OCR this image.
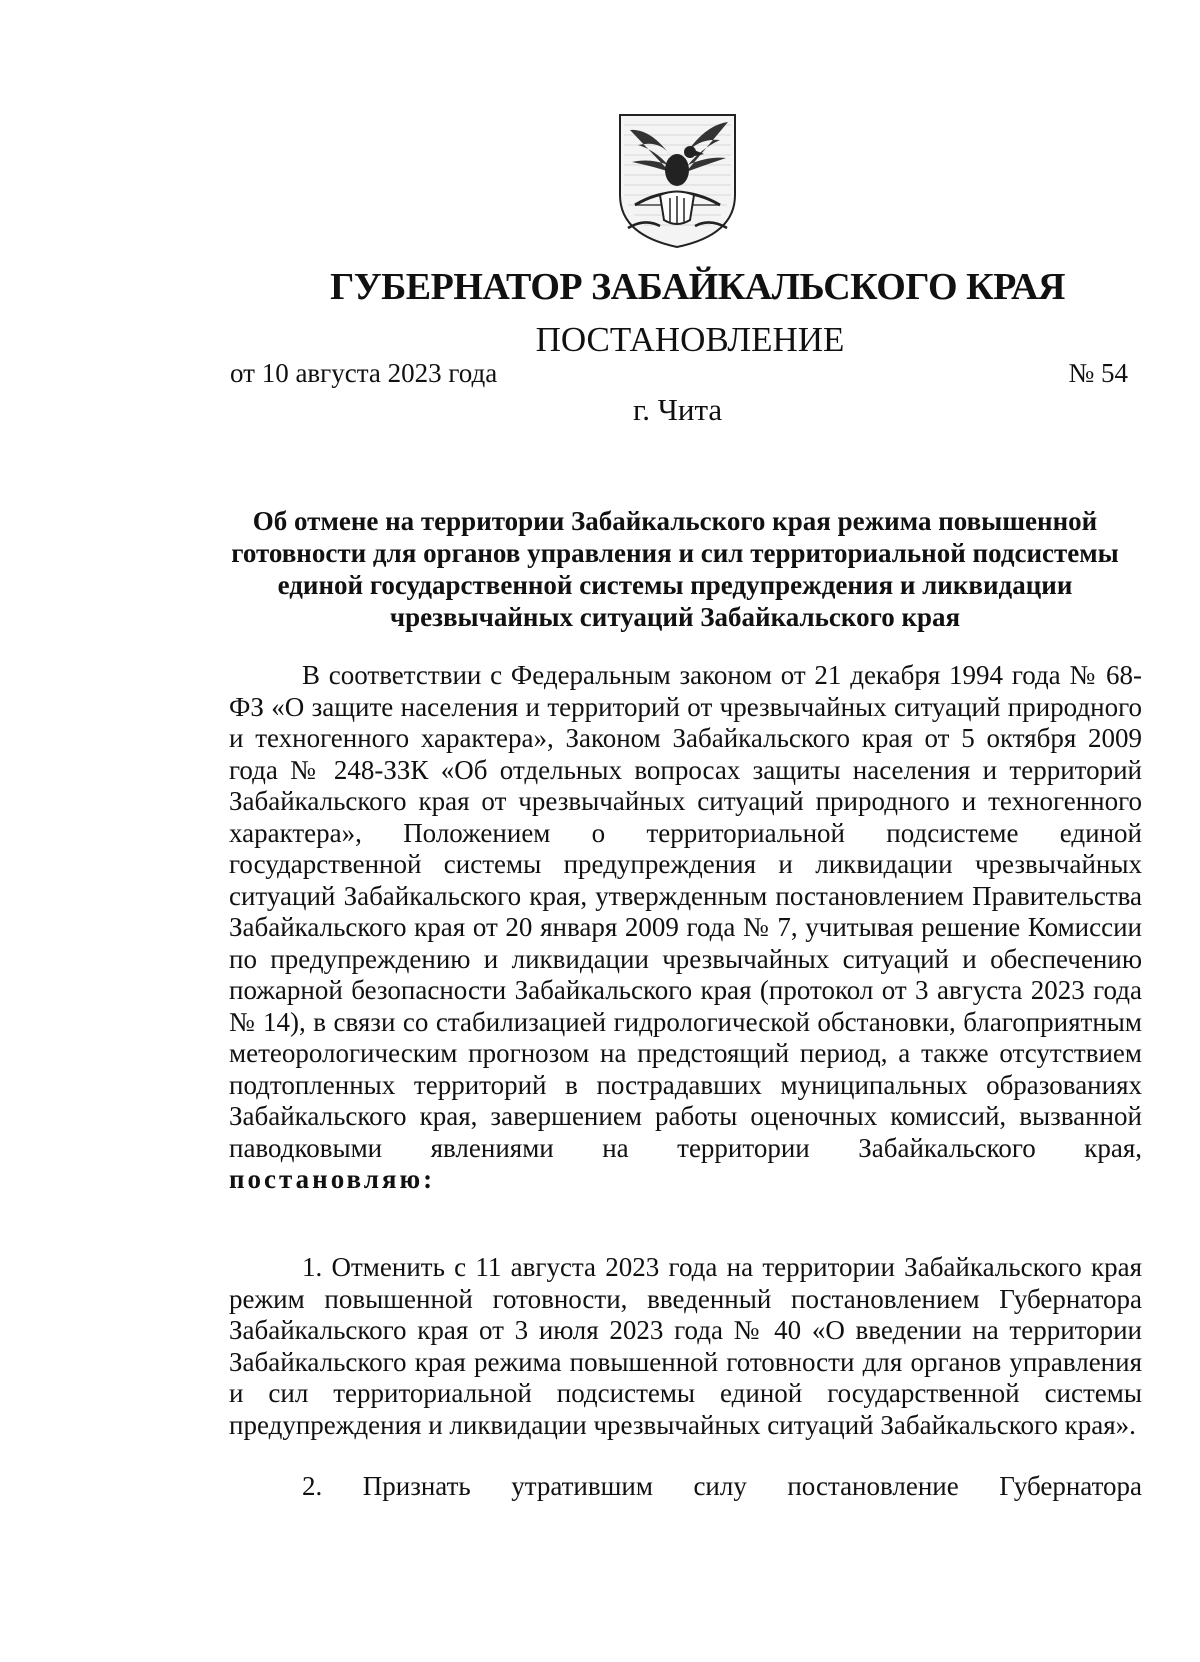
ГУБЕРНАТОР ЗАБАЙКАЛЬСКОГО КРАЯ
ПОСТАНОВЛЕНИЕ
от 10 августа 2023 года	№ 54
г. Чита
Об отмене на территории Забайкальского края режима повышенной готовности для органов управления и сил территориальной подсистемы единой государственной системы предупреждения и ликвидации чрезвычайных ситуаций Забайкальского края

В соответствии с Федеральным законом от 21 декабря 1994 года № 68-ФЗ «О защите населения и территорий от чрезвычайных ситуаций природного и техногенного характера», Законом Забайкальского края от 5 октября 2009 года № 248-ЗЗК «Об отдельных вопросах защиты населения и территорий Забайкальского края от чрезвычайных ситуаций природного и техногенного характера», Положением о территориальной подсистеме единой государственной системы предупреждения и ликвидации чрезвычайных ситуаций Забайкальского края, утвержденным постановлением Правительства Забайкальского края от 20 января 2009 года № 7, учитывая решение Комиссии по предупреждению и ликвидации чрезвычайных ситуаций и обеспечению пожарной безопасности Забайкальского края (протокол от 3 августа 2023 года № 14), в связи со стабилизацией гидрологической обстановки, благоприятным метеорологическим прогнозом на предстоящий период, а также отсутствием подтопленных территорий в пострадавших муниципальных образованиях Забайкальского края, завершением работы оценочных комиссий, вызванной паводковыми явлениями на территории Забайкальского края, постановляю:

1. Отменить с 11 августа 2023 года на территории Забайкальского края режим повышенной готовности, введенный постановлением Губернатора Забайкальского края от 3 июля 2023 года № 40 «О введении на территории Забайкальского края режима повышенной готовности для органов управления и сил территориальной подсистемы единой государственной системы предупреждения и ликвидации чрезвычайных ситуаций Забайкальского края».

2. Признать утратившим силу постановление Губернатора
